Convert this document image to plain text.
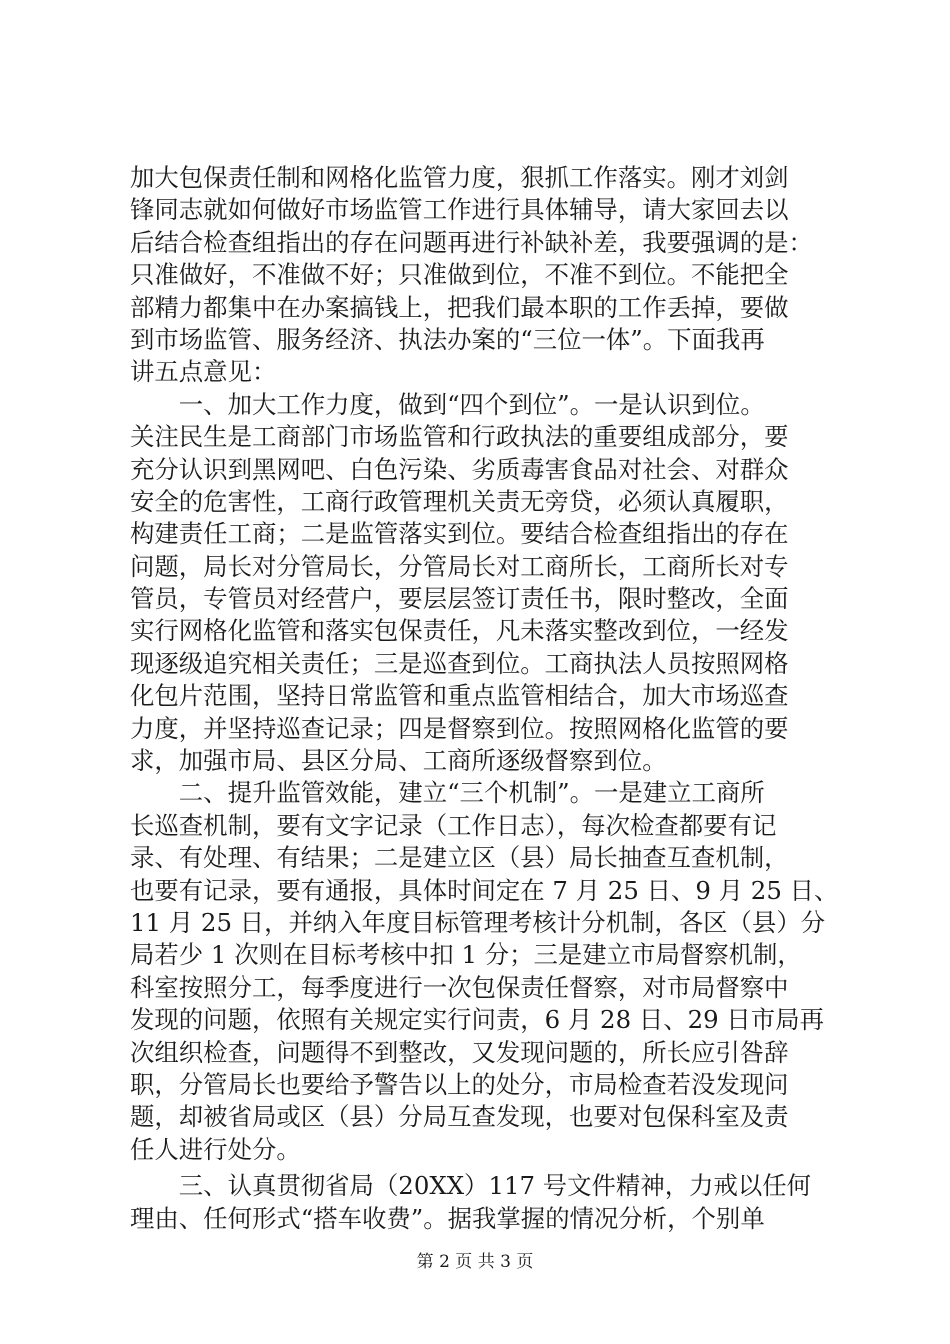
加大包保责任制和网格化监管力度，狠抓工作落实。刚才刘剑
锋同志就如何做好市场监管工作进行具体辅导，请大家回去以
后结合检查组指出的存在问题再进行补缺补差，我要强调的是：
只准做好，不准做不好；只准做到位，不准不到位。不能把全
部精力都集中在办案搞钱上，把我们最本职的工作丢掉，要做
到市场监管、服务经济、执法办案的“三位一体”。下面我再
讲五点意见：
　　一、加大工作力度，做到“四个到位”。一是认识到位。
关注民生是工商部门市场监管和行政执法的重要组成部分，要
充分认识到黑网吧、白色污染、劣质毒害食品对社会、对群众
安全的危害性，工商行政管理机关责无旁贷，必须认真履职，
构建责任工商；二是监管落实到位。要结合检查组指出的存在
问题，局长对分管局长，分管局长对工商所长，工商所长对专
管员，专管员对经营户，要层层签订责任书，限时整改，全面
实行网格化监管和落实包保责任，凡未落实整改到位，一经发
现逐级追究相关责任；三是巡查到位。工商执法人员按照网格
化包片范围，坚持日常监管和重点监管相结合，加大市场巡查
力度，并坚持巡查记录；四是督察到位。按照网格化监管的要
求，加强市局、县区分局、工商所逐级督察到位。
　　二、提升监管效能，建立“三个机制”。一是建立工商所
长巡查机制，要有文字记录（工作日志），每次检查都要有记
录、有处理、有结果；二是建立区（县）局长抽查互查机制，
也要有记录，要有通报，具体时间定在 7 月 25 日、9 月 25 日、
11 月 25 日，并纳入年度目标管理考核计分机制，各区（县）分
局若少 1 次则在目标考核中扣 1 分；三是建立市局督察机制，
科室按照分工，每季度进行一次包保责任督察，对市局督察中
发现的问题，依照有关规定实行问责，6 月 28 日、29 日市局再
次组织检查，问题得不到整改，又发现问题的，所长应引咎辞
职，分管局长也要给予警告以上的处分，市局检查若没发现问
题，却被省局或区（县）分局互查发现，也要对包保科室及责
任人进行处分。
　　三、认真贯彻省局（20XX）117 号文件精神，力戒以任何
理由、任何形式“搭车收费”。据我掌握的情况分析，个别单
第 2 页 共 3 页
